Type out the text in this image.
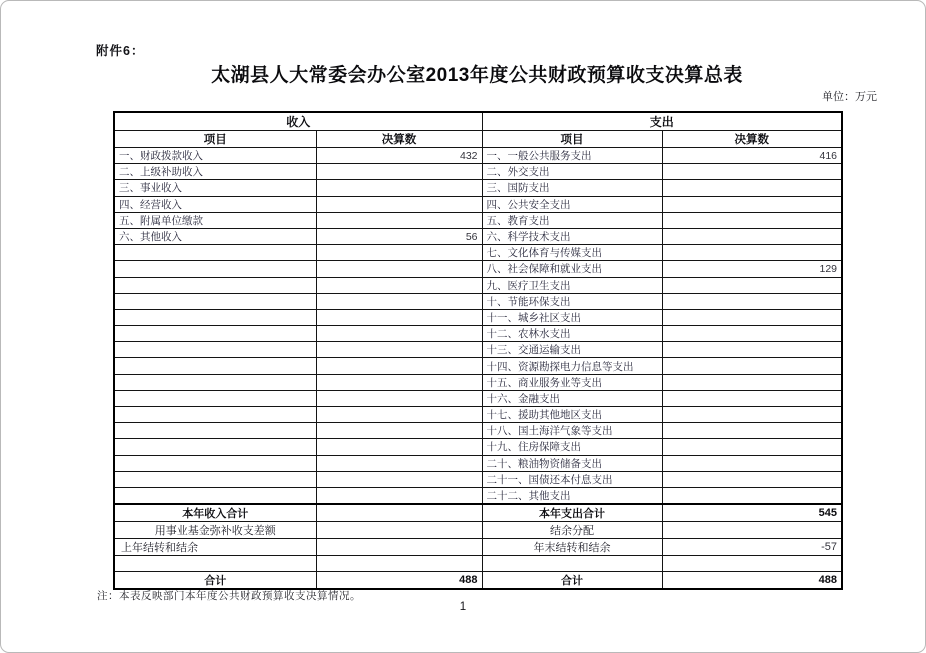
附件6：
太湖县人大常委会办公室2013年度公共财政预算收支决算总表
单位：万元
收入		支出	
项目	决算数	项目	决算数
一、财政拨款收入	432	一、一般公共服务支出	416
二、上级补助收入		二、外交支出	
三、事业收入		三、国防支出	
四、经营收入		四、公共安全支出	
五、附属单位缴款		五、教育支出	
六、其他收入	56	六、科学技术支出	
		七、文化体育与传媒支出	
		八、社会保障和就业支出	129
		九、医疗卫生支出	
		十、节能环保支出	
		十一、城乡社区支出	
		十二、农林水支出	
		十三、交通运输支出	
		十四、资源勘探电力信息等支出	
		十五、商业服务业等支出	
		十六、金融支出	
		十七、援助其他地区支出	
		十八、国土海洋气象等支出	
		十九、住房保障支出	
		二十、粮油物资储备支出	
		二十一、国债还本付息支出	
		二十二、其他支出	
本年收入合计		本年支出合计	545
用事业基金弥补收支差额		结余分配	
上年结转和结余		年末结转和结余	-57

合计	488	合计	488
注：本表反映部门本年度公共财政预算收支决算情况。
1
